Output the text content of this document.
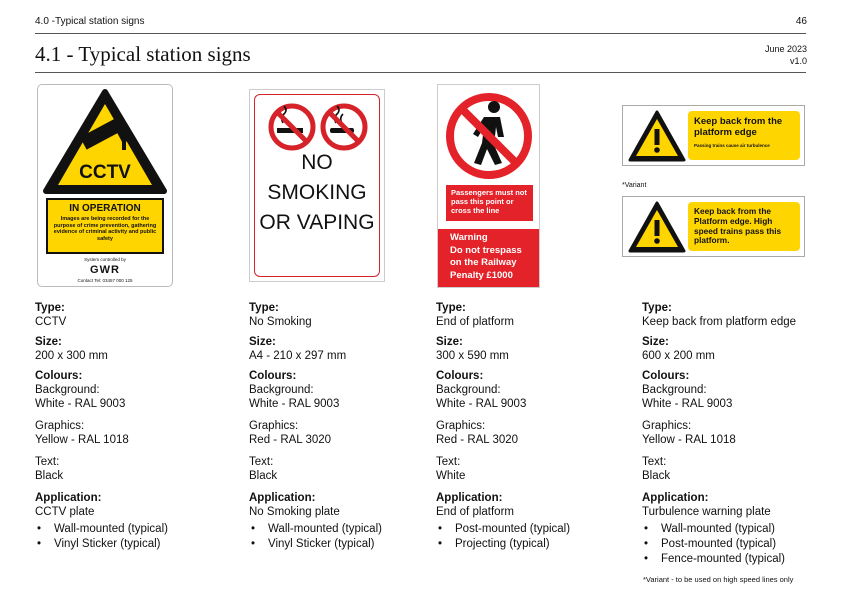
4.0 -Typical station signs	46
4.1 - Typical station signs	June 2023
v1.0
CCTV
IN OPERATION
Images are being recorded for the purpose of crime prevention, gathering evidence of criminal activity and public safety
System controlled by
GWR
Contact Tel: 03457 000 125
NO SMOKING OR VAPING
Passengers must not pass this point or cross the line
Warning
Do not trespass on the Railway Penalty £1000
Keep back from the platform edge
Passing trains cause air turbulence
*Variant
Keep back from the Platform edge. High speed trains pass this platform.
Type:
CCTV
Size:
200 x 300 mm
Colours:
Background:
White - RAL 9003
Graphics:
Yellow - RAL 1018
Text:
Black
Application:
CCTV plate
• Wall-mounted (typical)
• Vinyl Sticker (typical)
Type:
No Smoking
Size:
A4 - 210 x 297 mm
Colours:
Background:
White - RAL 9003
Graphics:
Red - RAL 3020
Text:
Black
Application:
No Smoking plate
• Wall-mounted (typical)
• Vinyl Sticker (typical)
Type:
End of platform
Size:
300 x 590 mm
Colours:
Background:
White - RAL 9003
Graphics:
Red - RAL 3020
Text:
White
Application:
End of platform
• Post-mounted (typical)
• Projecting (typical)
Type:
Keep back from platform edge
Size:
600 x 200 mm
Colours:
Background:
White - RAL 9003
Graphics:
Yellow - RAL 1018
Text:
Black
Application:
Turbulence warning plate
• Wall-mounted (typical)
• Post-mounted (typical)
• Fence-mounted (typical)
*Variant - to be used on high speed lines only
